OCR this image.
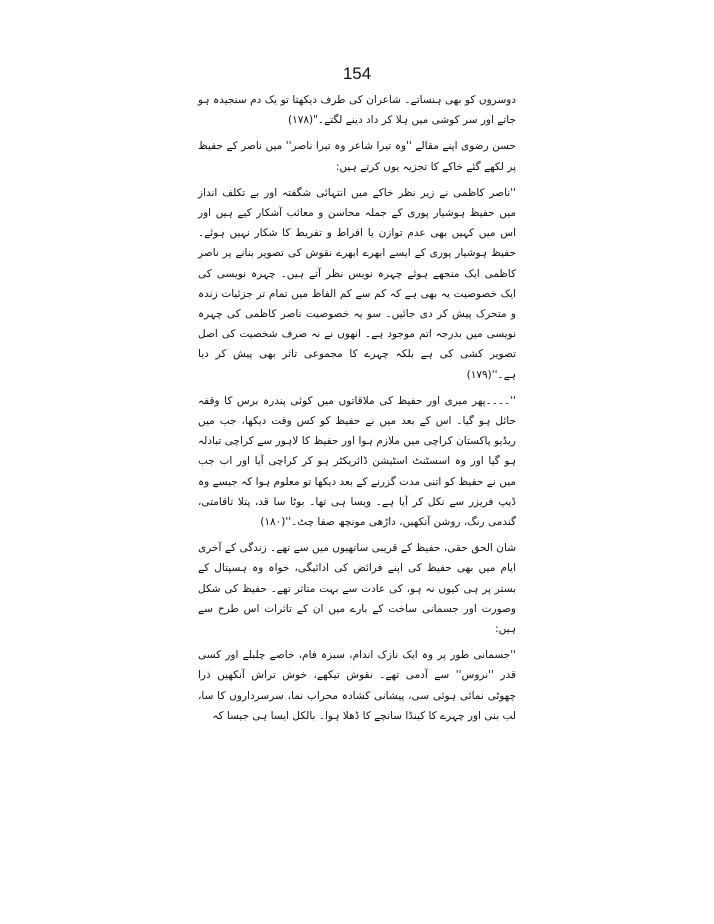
154

دوسروں کو بھی ہنساتے۔ شاعران کی طرف دیکھتا تو یک دم سنجیدہ ہو جاتے اور سر کوشی میں ہلا کر داد دینے لگتے۔"(۱۷۸)

حسن رضوی اپنے مقالے ''وہ تیرا شاعر وہ تیرا ناصر'' میں ناصر کے حفیظ پر لکھے گئے خاکے کا تجزیہ یوں کرتے ہیں:

''ناصر کاظمی نے زیر نظر خاکے میں انتہائی شگفتہ اور بے تکلف انداز میں حفیظ ہوشیار پوری کے جملہ محاسن و معائب آشکار کیے ہیں اور اس میں کہیں بھی عدم توازن یا افراط و تفریط کا شکار نہیں ہوئے۔ حفیظ ہوشیار پوری کے ایسے ابھرے ابھرے نقوش کی تصویر بنانے پر ناصر کاظمی ایک منجھے ہوئے چہرہ نویس نظر آتے ہیں۔ چہرہ نویسی کی ایک خصوصیت یہ بھی ہے کہ کم سے کم الفاظ میں تمام تر جزئیات زندہ و متحرک پیش کر دی جائیں۔ سو یہ خصوصیت ناصر کاظمی کی چہرہ نویسی میں بدرجہ اتم موجود ہے۔ انھوں نے نہ صرف شخصیت کی اصل تصویر کشی کی ہے بلکہ چہرے کا مجموعی تاثر بھی پیش کر دیا ہے۔''(۱۷۹)

''۔۔۔۔پھر میری اور حفیظ کی ملاقاتوں میں کوئی پندرہ برس کا وقفہ حائل ہو گیا۔ اس کے بعد میں نے حفیظ کو کس وقت دیکھا، جب میں ریڈیو پاکستان کراچی میں ملازم ہوا اور حفیظ کا لاہور سے کراچی تبادلہ ہو گیا اور وہ اسسٹنٹ اسٹیشن ڈائریکٹر ہو کر کراچی آیا اور اب جب میں نے حفیظ کو اتنی مدت گزرنے کے بعد دیکھا تو معلوم ہوا کہ جیسے وہ ڈیپ فریزر سے نکل کر آیا ہے۔ ویسا ہی تھا۔ بوٹا سا قد، پتلا تاقامتی، گندمی رنگ، روشن آنکھیں، داڑھی مونچھ صفا چٹ۔''(۱۸۰)

شان الحق حقی، حفیظ کے قریبی ساتھیوں میں سے تھے۔ زندگی کے آخری ایام میں بھی حفیظ کی اپنے فرائض کی ادائیگی، خواہ وہ ہسپتال کے بستر پر ہی کیوں نہ ہو، کی عادت سے بہت متاثر تھے۔ حفیظ کی شکل وصورت اور جسمانی ساخت کے بارے میں ان کے تاثرات اس طرح سے ہیں:

''جسمانی طور پر وہ ایک نازک اندام، سبزہ فام، خاصے چلبلے اور کسی قدر ''نروس'' سے آدمی تھے۔ نقوش تیکھے، خوش تراش آنکھیں ذرا چھوٹی نمائی ہوئی سی، پیشانی کشادہ محراب نما، سرسرداروں کا سا، لب بنی اور چہرے کا کینڈا سانچے کا ڈھلا ہوا۔ بالکل ایسا ہی جیسا کہ
